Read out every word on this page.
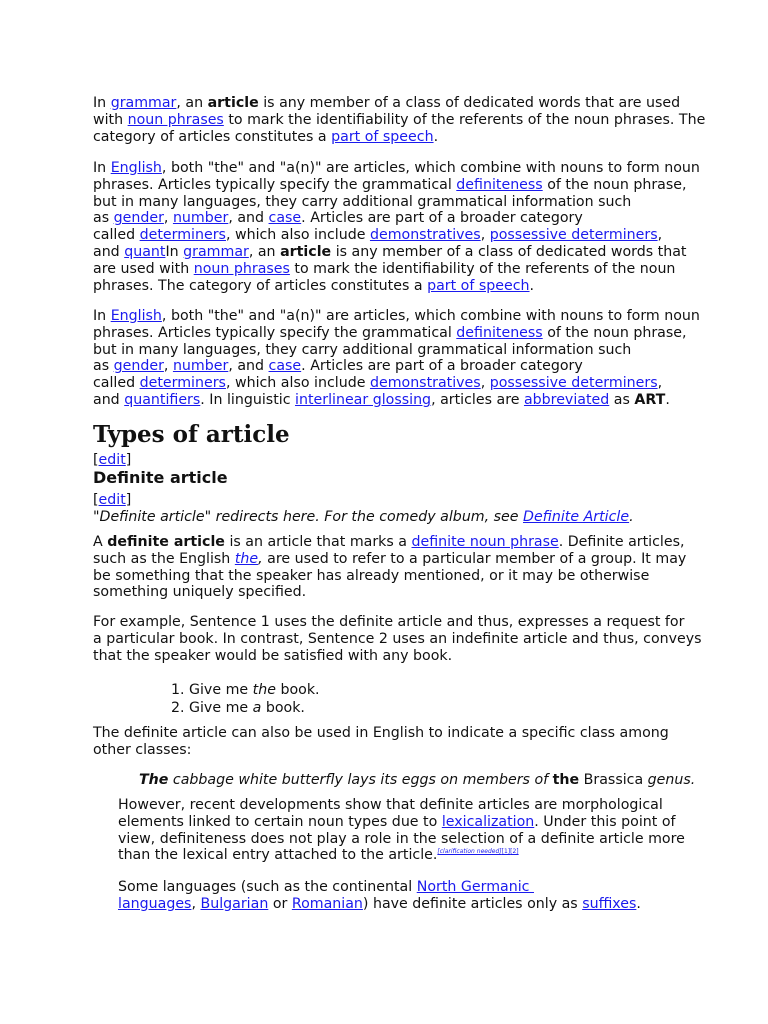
In grammar, an article is any member of a class of dedicated words that are used
with noun phrases to mark the identifiability of the referents of the noun phrases. The
category of articles constitutes a part of speech.

In English, both "the" and "a(n)" are articles, which combine with nouns to form noun
phrases. Articles typically specify the grammatical definiteness of the noun phrase,
but in many languages, they carry additional grammatical information such
as gender, number, and case. Articles are part of a broader category
called determiners, which also include demonstratives, possessive determiners,
and quantIn grammar, an article is any member of a class of dedicated words that
are used with noun phrases to mark the identifiability of the referents of the noun
phrases. The category of articles constitutes a part of speech.

In English, both "the" and "a(n)" are articles, which combine with nouns to form noun
phrases. Articles typically specify the grammatical definiteness of the noun phrase,
but in many languages, they carry additional grammatical information such
as gender, number, and case. Articles are part of a broader category
called determiners, which also include demonstratives, possessive determiners,
and quantifiers. In linguistic interlinear glossing, articles are abbreviated as ART.

Types of article
[edit]
Definite article
[edit]
"Definite article" redirects here. For the comedy album, see Definite Article.

A definite article is an article that marks a definite noun phrase. Definite articles,
such as the English the, are used to refer to a particular member of a group. It may
be something that the speaker has already mentioned, or it may be otherwise
something uniquely specified.

For example, Sentence 1 uses the definite article and thus, expresses a request for
a particular book. In contrast, Sentence 2 uses an indefinite article and thus, conveys
that the speaker would be satisfied with any book.

1. Give me the book.
2. Give me a book.

The definite article can also be used in English to indicate a specific class among
other classes:

The cabbage white butterfly lays its eggs on members of the Brassica genus.

However, recent developments show that definite articles are morphological
elements linked to certain noun types due to lexicalization. Under this point of
view, definiteness does not play a role in the selection of a definite article more
than the lexical entry attached to the article.[clarification needed][1][2]

Some languages (such as the continental North Germanic
languages, Bulgarian or Romanian) have definite articles only as suffixes.
